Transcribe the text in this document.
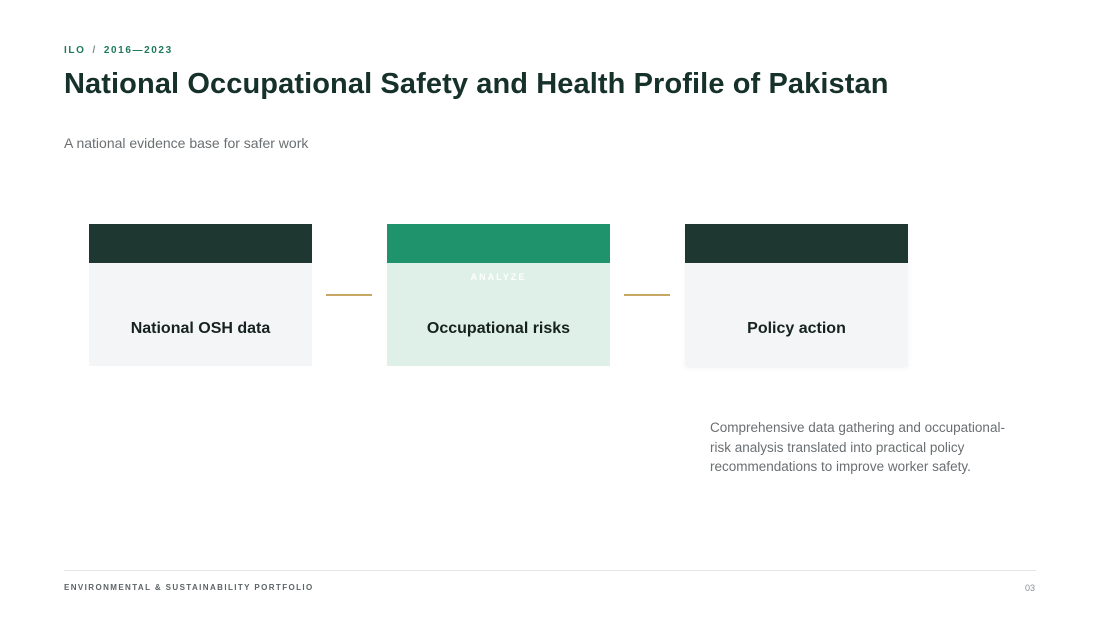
ILO / 2016—2023
National Occupational Safety and Health Profile of Pakistan
A national evidence base for safer work
National OSH data
ANALYZE
Occupational risks	Policy action
Comprehensive data gathering and occupational-risk analysis translated into practical policy recommendations to improve worker safety.
ENVIRONMENTAL & SUSTAINABILITY PORTFOLIO	03
